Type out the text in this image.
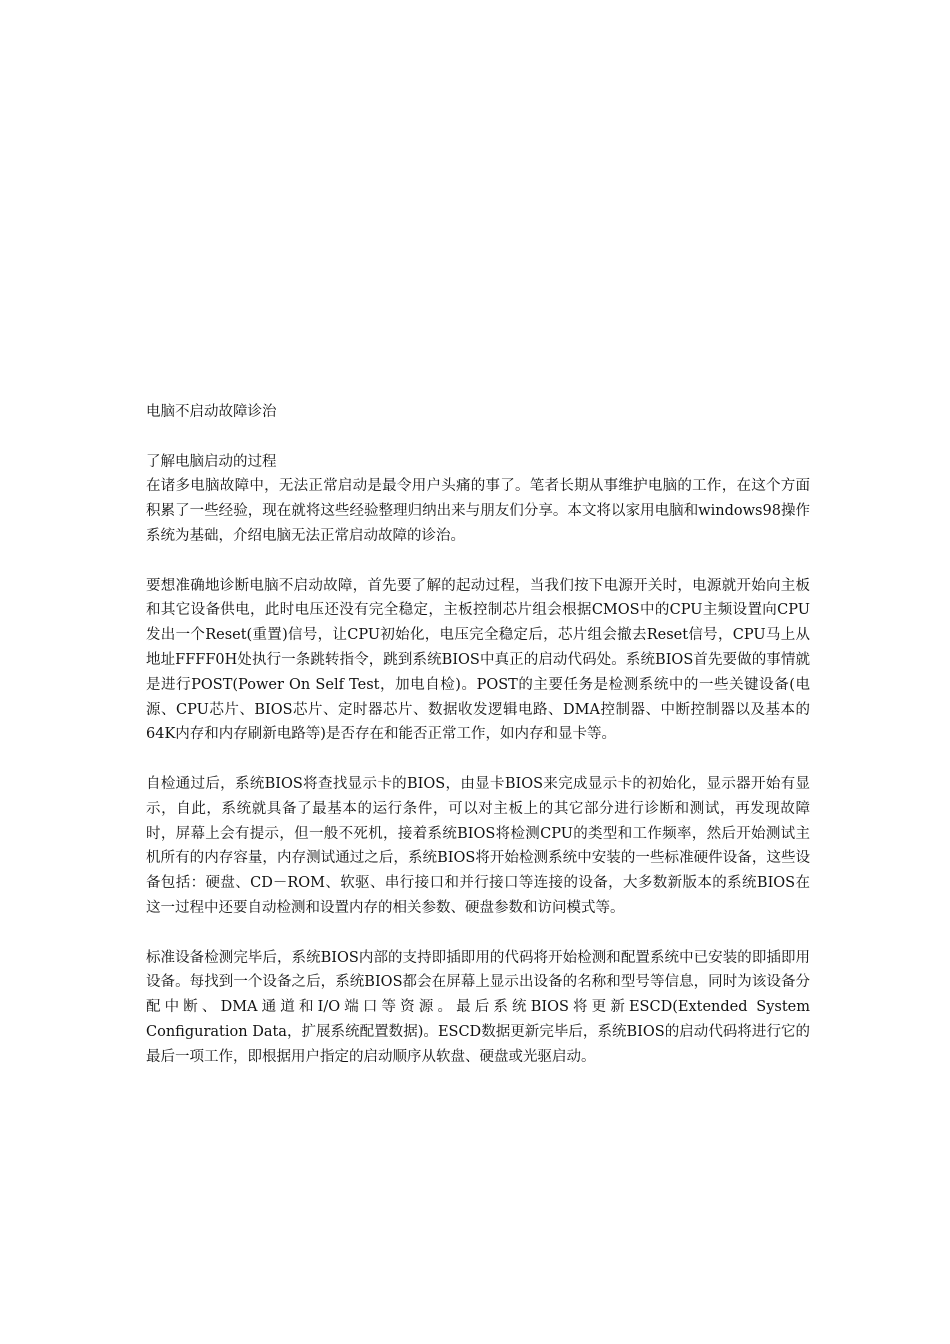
电脑不启动故障诊治

了解电脑启动的过程

在诸多电脑故障中，无法正常启动是最令用户头痛的事了。笔者长期从事维护电脑的工作，在这个方面积累了一些经验，现在就将这些经验整理归纳出来与朋友们分享。本文将以家用电脑和windows98操作系统为基础，介绍电脑无法正常启动故障的诊治。

要想准确地诊断电脑不启动故障，首先要了解的起动过程，当我们按下电源开关时，电源就开始向主板和其它设备供电，此时电压还没有完全稳定，主板控制芯片组会根据CMOS中的CPU主频设置向CPU发出一个Reset(重置)信号，让CPU初始化，电压完全稳定后，芯片组会撤去Reset信号，CPU马上从地址FFFF0H处执行一条跳转指令，跳到系统BIOS中真正的启动代码处。系统BIOS首先要做的事情就是进行POST(Power On Self Test，加电自检)。POST的主要任务是检测系统中的一些关键设备(电源、CPU芯片、BIOS芯片、定时器芯片、数据收发逻辑电路、DMA控制器、中断控制器以及基本的64K内存和内存刷新电路等)是否存在和能否正常工作，如内存和显卡等。

自检通过后，系统BIOS将查找显示卡的BIOS，由显卡BIOS来完成显示卡的初始化，显示器开始有显示，自此，系统就具备了最基本的运行条件，可以对主板上的其它部分进行诊断和测试，再发现故障时，屏幕上会有提示，但一般不死机，接着系统BIOS将检测CPU的类型和工作频率，然后开始测试主机所有的内存容量，内存测试通过之后，系统BIOS将开始检测系统中安装的一些标准硬件设备，这些设备包括：硬盘、CD－ROM、软驱、串行接口和并行接口等连接的设备，大多数新版本的系统BIOS在这一过程中还要自动检测和设置内存的相关参数、硬盘参数和访问模式等。

标准设备检测完毕后，系统BIOS内部的支持即插即用的代码将开始检测和配置系统中已安装的即插即用设备。每找到一个设备之后，系统BIOS都会在屏幕上显示出设备的名称和型号等信息，同时为该设备分配中断、DMA通道和I/O端口等资源。最后系统BIOS将更新ESCD(Extended System Configuration Data，扩展系统配置数据)。ESCD数据更新完毕后，系统BIOS的启动代码将进行它的最后一项工作，即根据用户指定的启动顺序从软盘、硬盘或光驱启动。
